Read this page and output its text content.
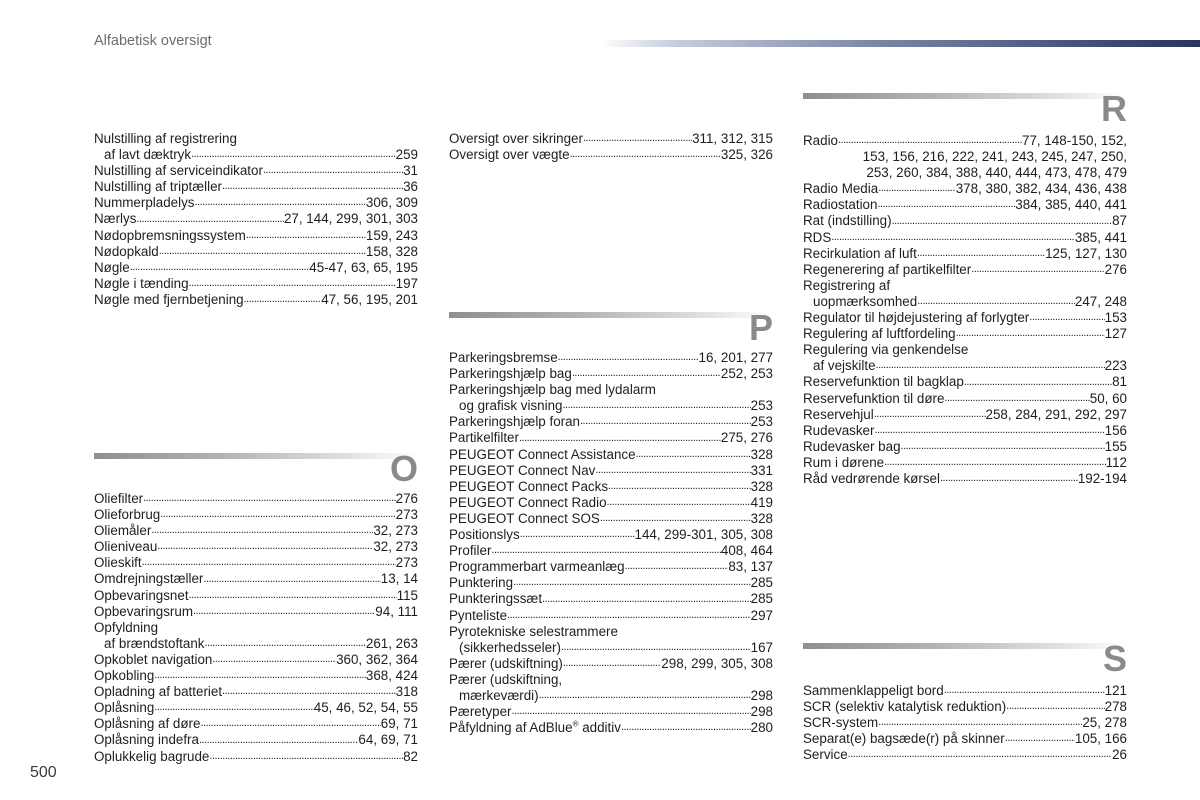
Alfabetisk oversigt
Nulstilling af registrering
af lavt dæktryk .....	259
Nulstilling af serviceindikator .....	31
Nulstilling af triptæller .....	36
Nummerpladelys .....	306, 309
Nærlys .....	27, 144, 299, 301, 303
Nødopbremsningssystem .....	159, 243
Nødopkald .....	158, 328
Nøgle .....	45-47, 63, 65, 195
Nøgle i tænding .....	197
Nøgle med fjernbetjening .....	47, 56, 195, 201
O
Oliefilter .....	276
Olieforbrug .....	273
Oliemåler .....	32, 273
Olieniveau .....	32, 273
Olieskift .....	273
Omdrejningstæller .....	13, 14
Opbevaringsnet .....	115
Opbevaringsrum .....	94, 111
Opfyldning
af brændstoftank .....	261, 263
Opkoblet navigation .....	360, 362, 364
Opkobling .....	368, 424
Opladning af batteriet .....	318
Oplåsning .....	45, 46, 52, 54, 55
Oplåsning af døre .....	69, 71
Oplåsning indefra .....	64, 69, 71
Oplukkelig bagrude .....	82
Oversigt over sikringer .....	311, 312, 315
Oversigt over vægte .....	325, 326
P
Parkeringsbremse .....	16, 201, 277
Parkeringshjælp bag .....	252, 253
Parkeringshjælp bag med lydalarm
og grafisk visning .....	253
Parkeringshjælp foran .....	253
Partikelfilter .....	275, 276
PEUGEOT Connect Assistance .....	328
PEUGEOT Connect Nav .....	331
PEUGEOT Connect Packs .....	328
PEUGEOT Connect Radio .....	419
PEUGEOT Connect SOS .....	328
Positionslys .....	144, 299-301, 305, 308
Profiler .....	408, 464
Programmerbart varmeanlæg .....	83, 137
Punktering .....	285
Punkteringssæt .....	285
Pynteliste .....	297
Pyrotekniske selestrammere
(sikkerhedsseler) .....	167
Pærer (udskiftning) .....	298, 299, 305, 308
Pærer (udskiftning,
mærkeværdi) .....	298
Pæretyper .....	298
Påfyldning af AdBlue® additiv .....	280
R
Radio .....	77, 148-150, 152,
153, 156, 216, 222, 241, 243, 245, 247, 250,
253, 260, 384, 388, 440, 444, 473, 478, 479
Radio Media .....	378, 380, 382, 434, 436, 438
Radiostation .....	384, 385, 440, 441
Rat (indstilling) .....	87
RDS .....	385, 441
Recirkulation af luft .....	125, 127, 130
Regenerering af partikelfilter .....	276
Registrering af
uopmærksomhed .....	247, 248
Regulator til højdejustering af forlygter .....	153
Regulering af luftfordeling .....	127
Regulering via genkendelse
af vejskilte .....	223
Reservefunktion til bagklap .....	81
Reservefunktion til døre .....	50, 60
Reservehjul .....	258, 284, 291, 292, 297
Rudevasker .....	156
Rudevasker bag .....	155
Rum i dørene .....	112
Råd vedrørende kørsel .....	192-194
S
Sammenklappeligt bord .....	121
SCR (selektiv katalytisk reduktion) .....	278
SCR-system .....	25, 278
Separat(e) bagsæde(r) på skinner .....	105, 166
Service .....	26
500
